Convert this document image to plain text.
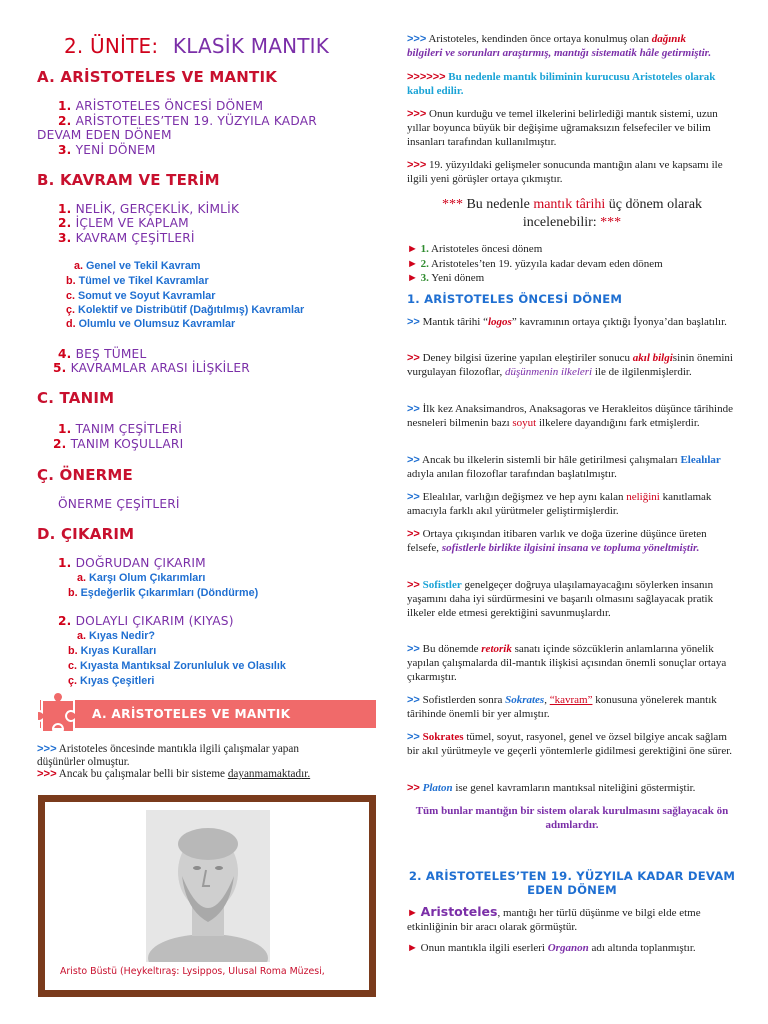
2. ÜNİTE: KLASİK MANTIK
A. ARİSTOTELES VE MANTIK
1. ARİSTOTELES ÖNCESİ DÖNEM
2. ARİSTOTELES’TEN 19. YÜZYILA KADAR
DEVAM EDEN DÖNEM
3. YENİ DÖNEM
B. KAVRAM VE TERİM
1. NELİK, GERÇEKLİK, KİMLİK
2. İÇLEM VE KAPLAM
3. KAVRAM ÇEŞİTLERİ
a. Genel ve Tekil Kavram
b. Tümel ve Tikel Kavramlar
c. Somut ve Soyut Kavramlar
ç. Kolektif ve Distribütif (Dağıtılmış) Kavramlar
d. Olumlu ve Olumsuz Kavramlar
4. BEŞ TÜMEL
5. KAVRAMLAR ARASI İLİŞKİLER
C. TANIM
1. TANIM ÇEŞİTLERİ
2. TANIM KOŞULLARI
Ç. ÖNERME
ÖNERME ÇEŞİTLERİ
D. ÇIKARIM
1. DOĞRUDAN ÇIKARIM
a. Karşı Olum Çıkarımları
b. Eşdeğerlik Çıkarımları (Döndürme)
2. DOLAYLI ÇIKARIM (KIYAS)
a. Kıyas Nedir?
b. Kıyas Kuralları
c. Kıyasta Mantıksal Zorunluluk ve Olasılık
ç. Kıyas Çeşitleri
A. ARİSTOTELES VE MANTIK
>>> Aristoteles öncesinde mantıkla ilgili çalışmalar yapan
düşünürler olmuştur.
>>> Ancak bu çalışmalar belli bir sisteme dayanmamaktadır.
Aristo Büstü (Heykeltıraş: Lysippos, Ulusal Roma Müzesi,
>>> Aristoteles, kendinden önce ortaya konulmuş olan dağınık
bilgileri ve sorunları araştırmış, mantığı sistematik hâle getirmiştir.
>>>>>> Bu nedenle mantık biliminin kurucusu Aristoteles olarak kabul edilir.
>>> Onun kurduğu ve temel ilkelerini belirlediği mantık sistemi, uzun yıllar boyunca büyük bir değişime uğramaksızın felsefeciler ve bilim insanları tarafından kullanılmıştır.
>>> 19. yüzyıldaki gelişmeler sonucunda mantığın alanı ve kapsamı ile ilgili yeni görüşler ortaya çıkmıştır.
*** Bu nedenle mantık târihi üç dönem olarak
incelenebilir: ***
► 1. Aristoteles öncesi dönem
► 2. Aristoteles’ten 19. yüzyıla kadar devam eden dönem
► 3. Yeni dönem
1. ARİSTOTELES ÖNCESİ DÖNEM
>> Mantık târihi “logos” kavramının ortaya çıktığı İyonya’dan başlatılır.
>> Deney bilgisi üzerine yapılan eleştiriler sonucu akıl bilgisinin önemini vurgulayan filozoflar, düşünmenin ilkeleri ile de ilgilenmişlerdir.
>> İlk kez Anaksimandros, Anaksagoras ve Herakleitos düşünce târihinde nesneleri bilmenin bazı soyut ilkelere dayandığını fark etmişlerdir.
>> Ancak bu ilkelerin sistemli bir hâle getirilmesi çalışmaları Elealılar adıyla anılan filozoflar tarafından başlatılmıştır.
>> Elealılar, varlığın değişmez ve hep aynı kalan neliğini kanıtlamak amacıyla farklı akıl yürütmeler geliştirmişlerdir.
>> Ortaya çıkışından itibaren varlık ve doğa üzerine düşünce üreten felsefe, sofistlerle birlikte ilgisini insana ve topluma yöneltmiştir.
>> Sofistler genelgeçer doğruya ulaşılamayacağını söylerken insanın
yaşamını daha iyi sürdürmesini ve başarılı olmasını sağlayacak pratik ilkeler elde etmesi gerektiğini savunmuşlardır.
>> Bu dönemde retorik sanatı içinde sözcüklerin anlamlarına yönelik yapılan çalışmalarda dil-mantık ilişkisi açısından önemli sonuçlar ortaya çıkarmıştır.
>> Sofistlerden sonra Sokrates, “kavram” konusuna yönelerek mantık târihinde önemli bir yer almıştır.
>> Sokrates tümel, soyut, rasyonel, genel ve özsel bilgiye ancak sağlam bir akıl yürütmeyle ve geçerli yöntemlerle gidilmesi gerektiğini öne sürer.
>> Platon ise genel kavramların mantıksal niteliğini göstermiştir.
Tüm bunlar mantığın bir sistem olarak kurulmasını sağlayacak ön adımlardır.
2. ARİSTOTELES’TEN 19. YÜZYILA KADAR DEVAM
EDEN DÖNEM
► Aristoteles, mantığı her türlü düşünme ve bilgi elde etme etkinliğinin bir aracı olarak görmüştür.
► Onun mantıkla ilgili eserleri Organon adı altında toplanmıştır.
